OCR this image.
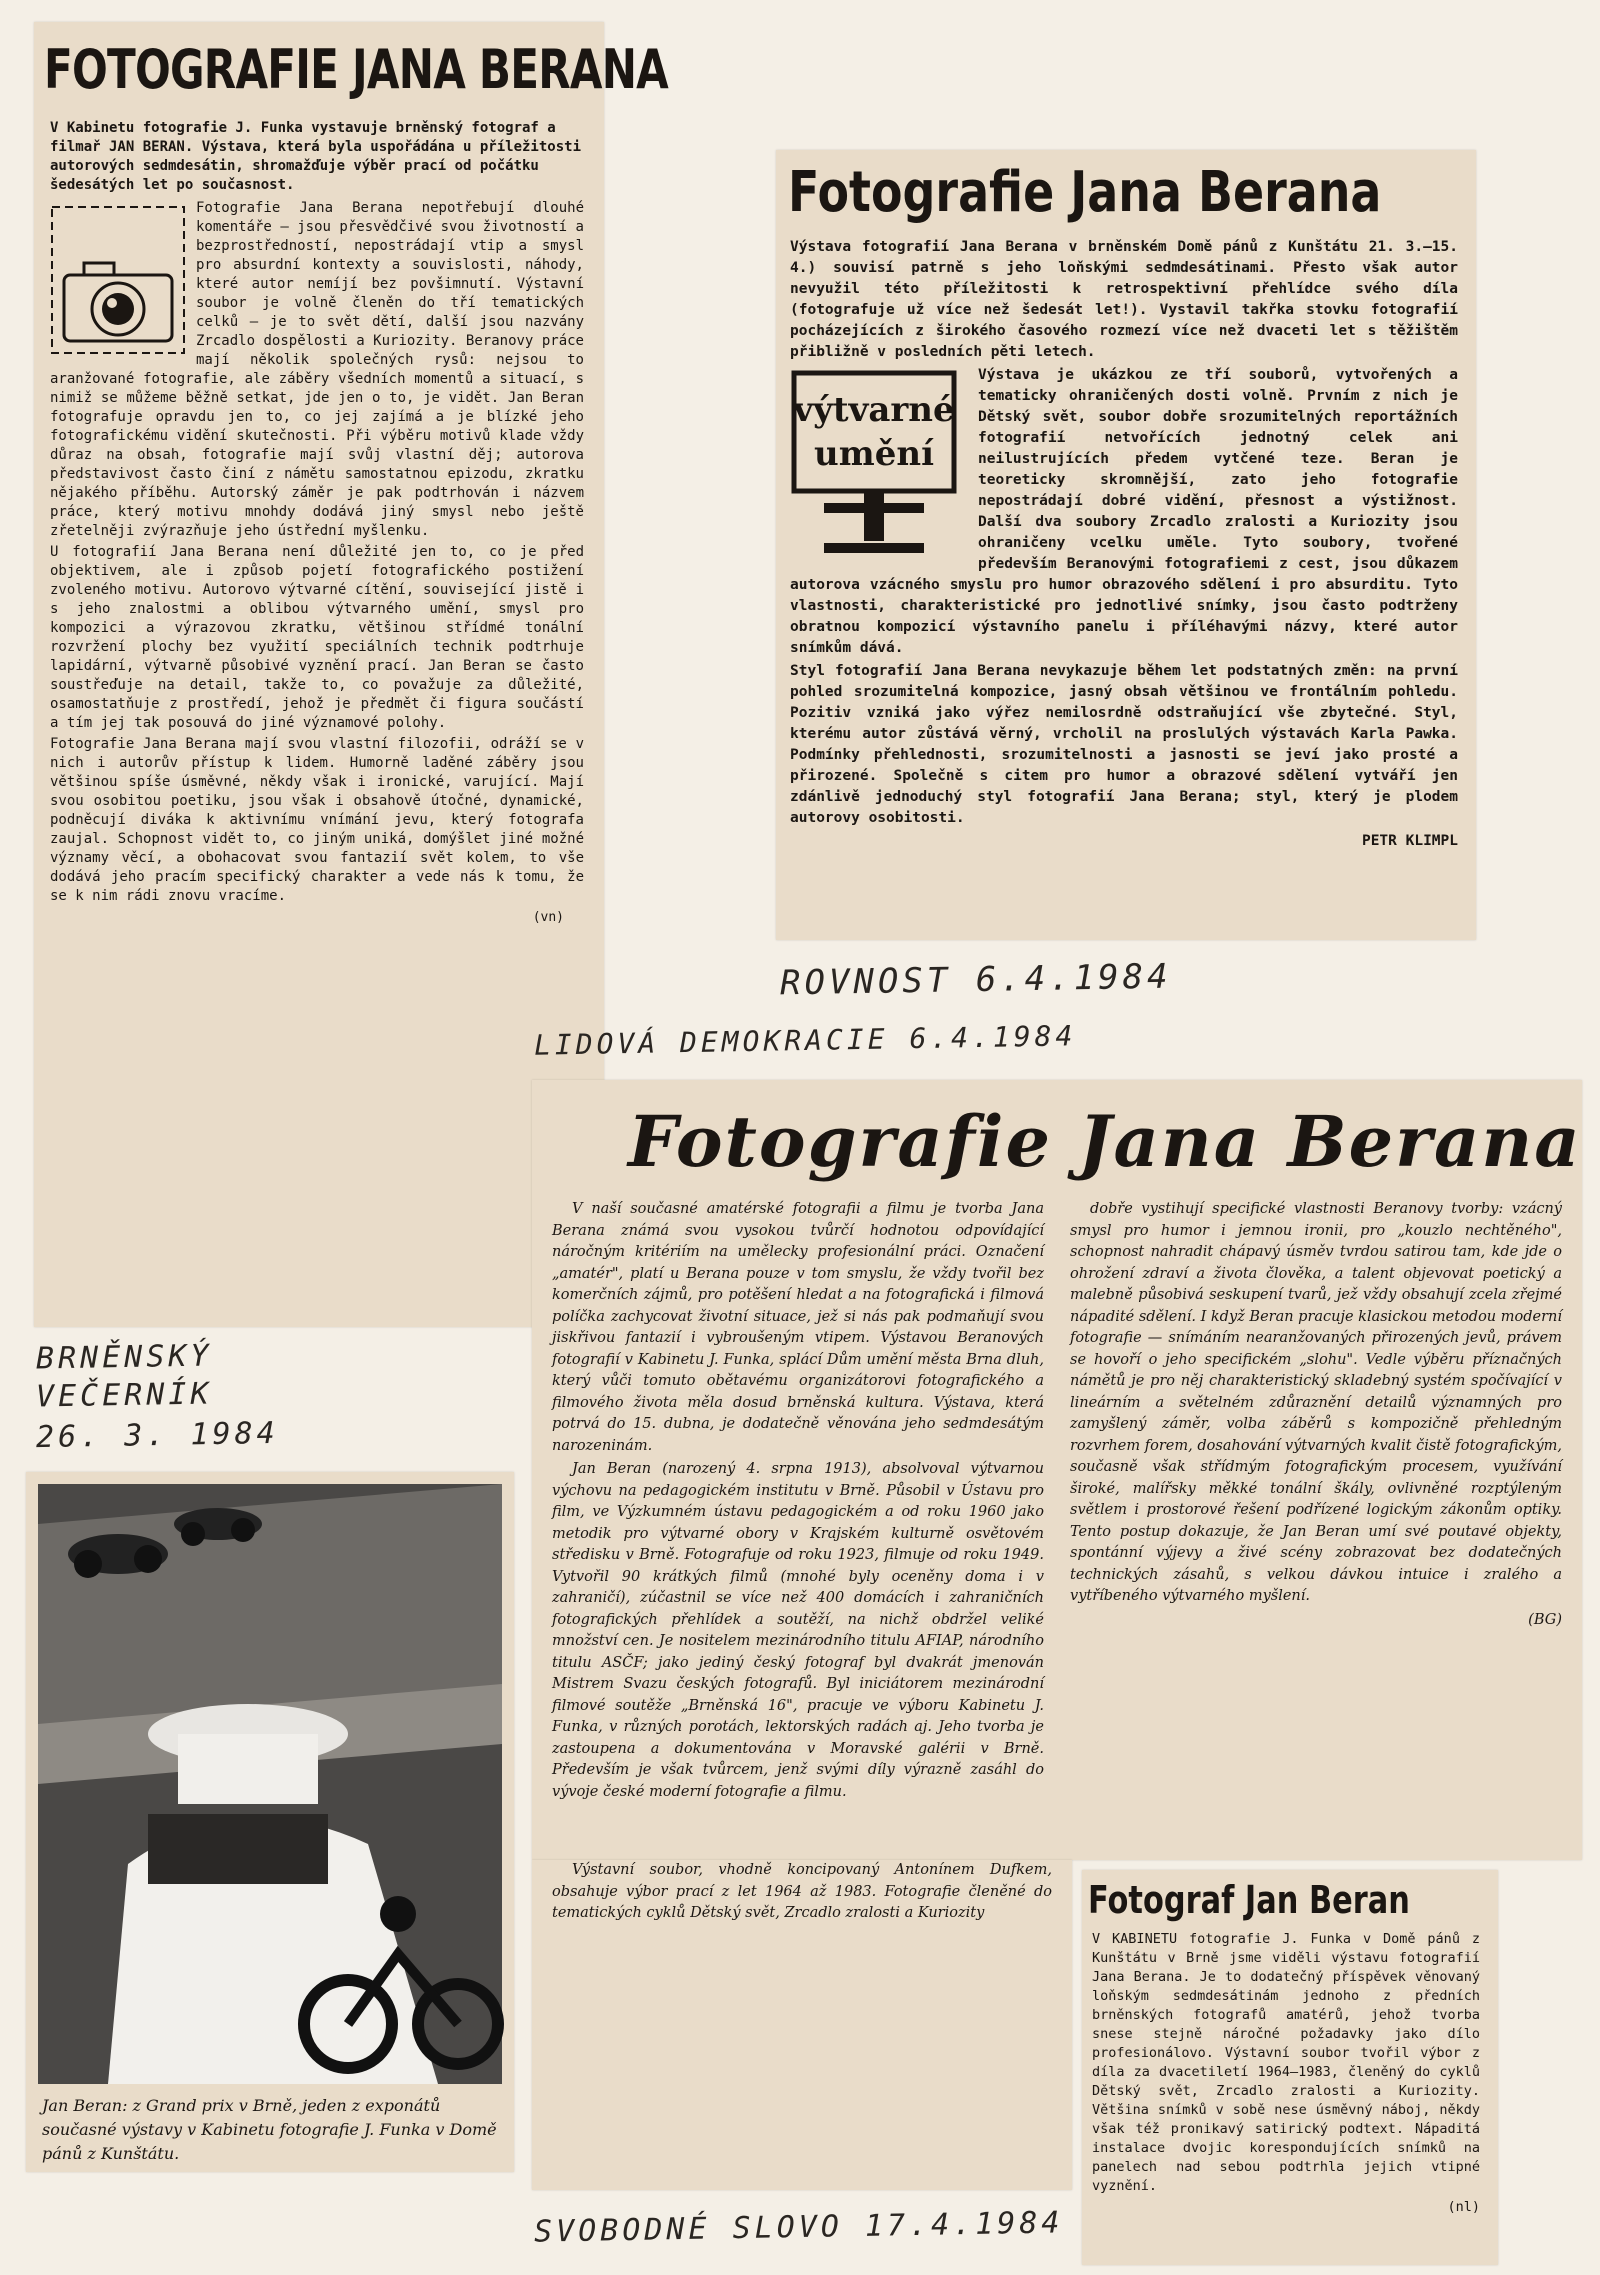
FOTOGRAFIE JANA BERANA
V Kabinetu fotografie J. Funka vystavuje brněnský fotograf a filmař JAN BERAN. Výstava, která byla uspořádána u příležitosti autorových sedmdesátin, shromažďuje výběr prací od počátku šedesátých let po současnost.

Fotografie Jana Berana nepotřebují dlouhé komentáře — jsou přesvědčivé svou životností a bezprostředností, nepostrádají vtip a smysl pro absurdní kontexty a souvislosti, náhody, které autor nemíjí bez povšimnutí. Výstavní soubor je volně členěn do tří tematických celků — je to svět dětí, další jsou nazvány Zrcadlo dospělosti a Kuriozity. Beranovy práce mají několik společných rysů: nejsou to aranžované fotografie, ale záběry všedních momentů a situací, s nimiž se můžeme běžně setkat, jde jen o to, je vidět. Jan Beran fotografuje opravdu jen to, co jej zajímá a je blízké jeho fotografickému vidění skutečnosti. Při výběru motivů klade vždy důraz na obsah, fotografie mají svůj vlastní děj; autorova představivost často činí z námětu samostatnou epizodu, zkratku nějakého příběhu. Autorský záměr je pak podtrhován i názvem práce, který motivu mnohdy dodává jiný smysl nebo ještě zřetelněji zvýrazňuje jeho ústřední myšlenku.

U fotografií Jana Berana není důležité jen to, co je před objektivem, ale i způsob pojetí fotografického postižení zvoleného motivu. Autorovo výtvarné cítění, související jistě i s jeho znalostmi a oblibou výtvarného umění, smysl pro kompozici a výrazovou zkratku, většinou střídmé tonální rozvržení plochy bez využití speciálních technik podtrhuje lapidární, výtvarně působivé vyznění prací. Jan Beran se často soustřeďuje na detail, takže to, co považuje za důležité, osamostatňuje z prostředí, jehož je předmět či figura součástí a tím jej tak posouvá do jiné významové polohy.

Fotografie Jana Berana mají svou vlastní filozofii, odráží se v nich i autorův přístup k lidem. Humorně laděné záběry jsou většinou spíše úsměvné, někdy však i ironické, varující. Mají svou osobitou poetiku, jsou však i obsahově útočné, dynamické, podněcují diváka k aktivnímu vnímání jevu, který fotografa zaujal. Schopnost vidět to, co jiným uniká, domýšlet jiné možné významy věcí, a obohacovat svou fantazií svět kolem, to vše dodává jeho pracím specifický charakter a vede nás k tomu, že se k nim rádi znovu vracíme.

(vn)
Fotografie Jana Berana

Výstava fotografií Jana Berana v brněnském Domě pánů z Kunštátu 21. 3.—15. 4.) souvisí patrně s jeho loňskými sedmdesátinami. Přesto však autor nevyužil této příležitosti k retrospektivní přehlídce svého díla (fotografuje už více než šedesát let!). Vystavil takřka stovku fotografií pocházejících z širokého časového rozmezí více než dvaceti let s těžištěm přibližně v posledních pěti letech.

výtvarné
umění

Výstava je ukázkou ze tří souborů, vytvořených a tematicky ohraničených dosti volně. Prvním z nich je Dětský svět, soubor dobře srozumitelných reportážních fotografií netvořících jednotný celek ani neilustrujících předem vytčené teze. Beran je teoreticky skromnější, zato jeho fotografie nepostrádají dobré vidění, přesnost a výstižnost. Další dva soubory Zrcadlo zralosti a Kuriozity jsou ohraničeny vcelku uměle. Tyto soubory, tvořené především Beranovými fotografiemi z cest, jsou důkazem autorova vzácného smyslu pro humor obrazového sdělení i pro absurditu. Tyto vlastnosti, charakteristické pro jednotlivé snímky, jsou často podtrženy obratnou kompozicí výstavního panelu i příléhavými názvy, které autor snímkům dává.

Styl fotografií Jana Berana nevykazuje během let podstatných změn: na první pohled srozumitelná kompozice, jasný obsah většinou ve frontálním pohledu. Pozitiv vzniká jako výřez nemilosrdně odstraňující vše zbytečné. Styl, kterému autor zůstává věrný, vrcholil na proslulých výstavách Karla Pawka. Podmínky přehlednosti, srozumitelnosti a jasnosti se jeví jako prosté a přirozené. Společně s citem pro humor a obrazové sdělení vytváří jen zdánlivě jednoduchý styl fotografií Jana Berana; styl, který je plodem autorovy osobitosti.

PETR KLIMPL
ROVNOST 6.4.1984
LIDOVÁ DEMOKRACIE 6.4.1984
BRNĚNSKÝ
VEČERNÍK
26. 3. 1984
SVOBODNÉ SLOVO 17.4.1984
Fotografie Jana Berana

V naší současné amatérské fotografii a filmu je tvorba Jana Berana známá svou vysokou tvůrčí hodnotou odpovídající náročným kritériím na umělecky profesionální práci. Označení „amatér", platí u Berana pouze v tom smyslu, že vždy tvořil bez komerčních zájmů, pro potěšení hledat a na fotografická i filmová políčka zachycovat životní situace, jež si nás pak podmaňují svou jiskřivou fantazií i vybroušeným vtipem. Výstavou Beranových fotografií v Kabinetu J. Funka, splácí Dům umění města Brna dluh, který vůči tomuto obětavému organizátorovi fotografického a filmového života měla dosud brněnská kultura. Výstava, která potrvá do 15. dubna, je dodatečně věnována jeho sedmdesátým narozeninám.

Jan Beran (narozený 4. srpna 1913), absolvoval výtvarnou výchovu na pedagogickém institutu v Brně. Působil v Ústavu pro film, ve Výzkumném ústavu pedagogickém a od roku 1960 jako metodik pro výtvarné obory v Krajském kulturně osvětovém středisku v Brně. Fotografuje od roku 1923, filmuje od roku 1949. Vytvořil 90 krátkých filmů (mnohé byly oceněny doma i v zahraničí), zúčastnil se více než 400 domácích i zahraničních fotografických přehlídek a soutěží, na nichž obdržel veliké množství cen. Je nositelem mezinárodního titulu AFIAP, národního titulu ASČF; jako jediný český fotograf byl dvakrát jmenován Mistrem Svazu českých fotografů. Byl iniciátorem mezinárodní filmové soutěže „Brněnská 16", pracuje ve výboru Kabinetu J. Funka, v různých porotách, lektorských radách aj. Jeho tvorba je zastoupena a dokumentována v Moravské galérii v Brně. Především je však tvůrcem, jenž svými díly výrazně zasáhl do vývoje české moderní fotografie a filmu.

dobře vystihují specifické vlastnosti Beranovy tvorby: vzácný smysl pro humor i jemnou ironii, pro „kouzlo nechtěného", schopnost nahradit chápavý úsměv tvrdou satirou tam, kde jde o ohrožení zdraví a života člověka, a talent objevovat poetický a malebně působivá seskupení tvarů, jež vždy obsahují zcela zřejmé nápadité sdělení. I když Beran pracuje klasickou metodou moderní fotografie — snímáním nearanžovaných přirozených jevů, právem se hovoří o jeho specifickém „slohu". Vedle výběru příznačných námětů je pro něj charakteristický skladebný systém spočívající v lineárním a světelném zdůraznění detailů významných pro zamyšlený záměr, volba záběrů s kompozičně přehledným rozvrhem forem, dosahování výtvarných kvalit čistě fotografickým, současně však střídmým fotografickým procesem, využívání široké, malířsky měkké tonální škály, ovlivněné rozptýleným světlem i prostorové řešení podřízené logickým zákonům optiky. Tento postup dokazuje, že Jan Beran umí své poutavé objekty, spontánní výjevy a živé scény zobrazovat bez dodatečných technických zásahů, s velkou dávkou intuice i zralého a vytříbeného výtvarného myšlení.

(BG)

Výstavní soubor, vhodně koncipovaný Antonínem Dufkem, obsahuje výbor prací z let 1964 až 1983. Fotografie členěné do tematických cyklů Dětský svět, Zrcadlo zralosti a Kuriozity	Fotograf Jan Beran

V KABINETU fotografie J. Funka v Domě pánů z Kunštátu v Brně jsme viděli výstavu fotografií Jana Berana. Je to dodatečný příspěvek věnovaný loňským sedmdesátinám jednoho z předních brněnských fotografů amatérů, jehož tvorba snese stejně náročné požadavky jako dílo profesionálovo. Výstavní soubor tvořil výbor z díla za dvacetiletí 1964—1983, členěný do cyklů Dětský svět, Zrcadlo zralosti a Kuriozity. Většina snímků v sobě nese úsměvný náboj, někdy však též pronikavý satirický podtext. Nápaditá instalace dvojic korespondujících snímků na panelech nad sebou podtrhla jejich vtipné vyznění.

(nl)
Jan Beran: z Grand prix v Brně, jeden z exponátů současné výstavy v Kabinetu fotografie J. Funka v Domě pánů z Kunštátu.
